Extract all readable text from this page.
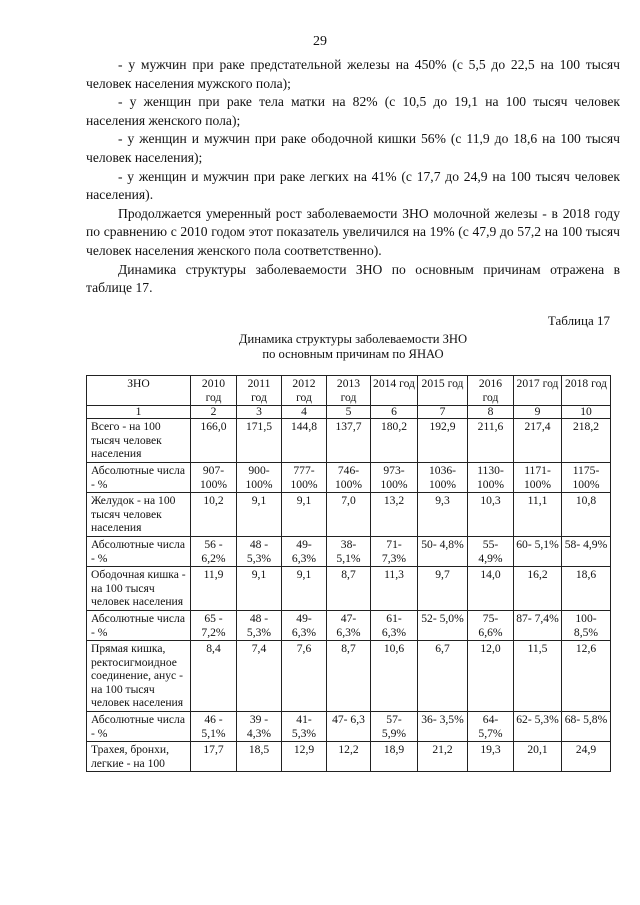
29

- у мужчин при раке предстательной железы на 450% (с 5,5 до 22,5 на 100 тысяч человек населения мужского пола);

- у женщин при раке тела матки на 82% (с 10,5 до 19,1 на 100 тысяч человек населения женского пола);

- у женщин и мужчин при раке ободочной кишки 56% (с 11,9 до 18,6 на 100 тысяч человек населения);

- у женщин и мужчин при раке легких на 41% (с 17,7 до 24,9 на 100 тысяч человек населения).

Продолжается умеренный рост заболеваемости ЗНО молочной железы - в 2018 году по сравнению с 2010 годом этот показатель увеличился на 19% (с 47,9 до 57,2 на 100 тысяч человек населения женского пола соответственно).

Динамика структуры заболеваемости ЗНО по основным причинам отражена в таблице 17.

Таблица 17
Динамика структуры заболеваемости ЗНО
по основным причинам по ЯНАО
ЗНО	2010 год	2011 год	2012 год	2013 год	2014 год	2015 год	2016 год	2017 год	2018 год
1	2	3	4	5	6	7	8	9	10
Всего - на 100 тысяч человек населения	166,0	171,5	144,8	137,7	180,2	192,9	211,6	217,4	218,2
Абсолютные числа - %	907-100%	900-100%	777-100%	746-100%	973-100%	1036-100%	1130-100%	1171-100%	1175-100%
Желудок - на 100 тысяч человек населения	10,2	9,1	9,1	7,0	13,2	9,3	10,3	11,1	10,8
Абсолютные числа - %	56 - 6,2%	48 - 5,3%	49- 6,3%	38- 5,1%	71- 7,3%	50- 4,8%	55- 4,9%	60- 5,1%	58- 4,9%
Ободочная кишка - на 100 тысяч человек населения	11,9	9,1	9,1	8,7	11,3	9,7	14,0	16,2	18,6
Абсолютные числа - %	65 - 7,2%	48 - 5,3%	49- 6,3%	47- 6,3%	61- 6,3%	52- 5,0%	75- 6,6%	87- 7,4%	100- 8,5%
Прямая кишка, ректосигмоидное соединение, анус - на 100 тысяч человек населения	8,4	7,4	7,6	8,7	10,6	6,7	12,0	11,5	12,6
Абсолютные числа - %	46 - 5,1%	39 - 4,3%	41- 5,3%	47- 6,3	57- 5,9%	36- 3,5%	64- 5,7%	62- 5,3%	68- 5,8%
Трахея, бронхи, легкие - на 100	17,7	18,5	12,9	12,2	18,9	21,2	19,3	20,1	24,9
